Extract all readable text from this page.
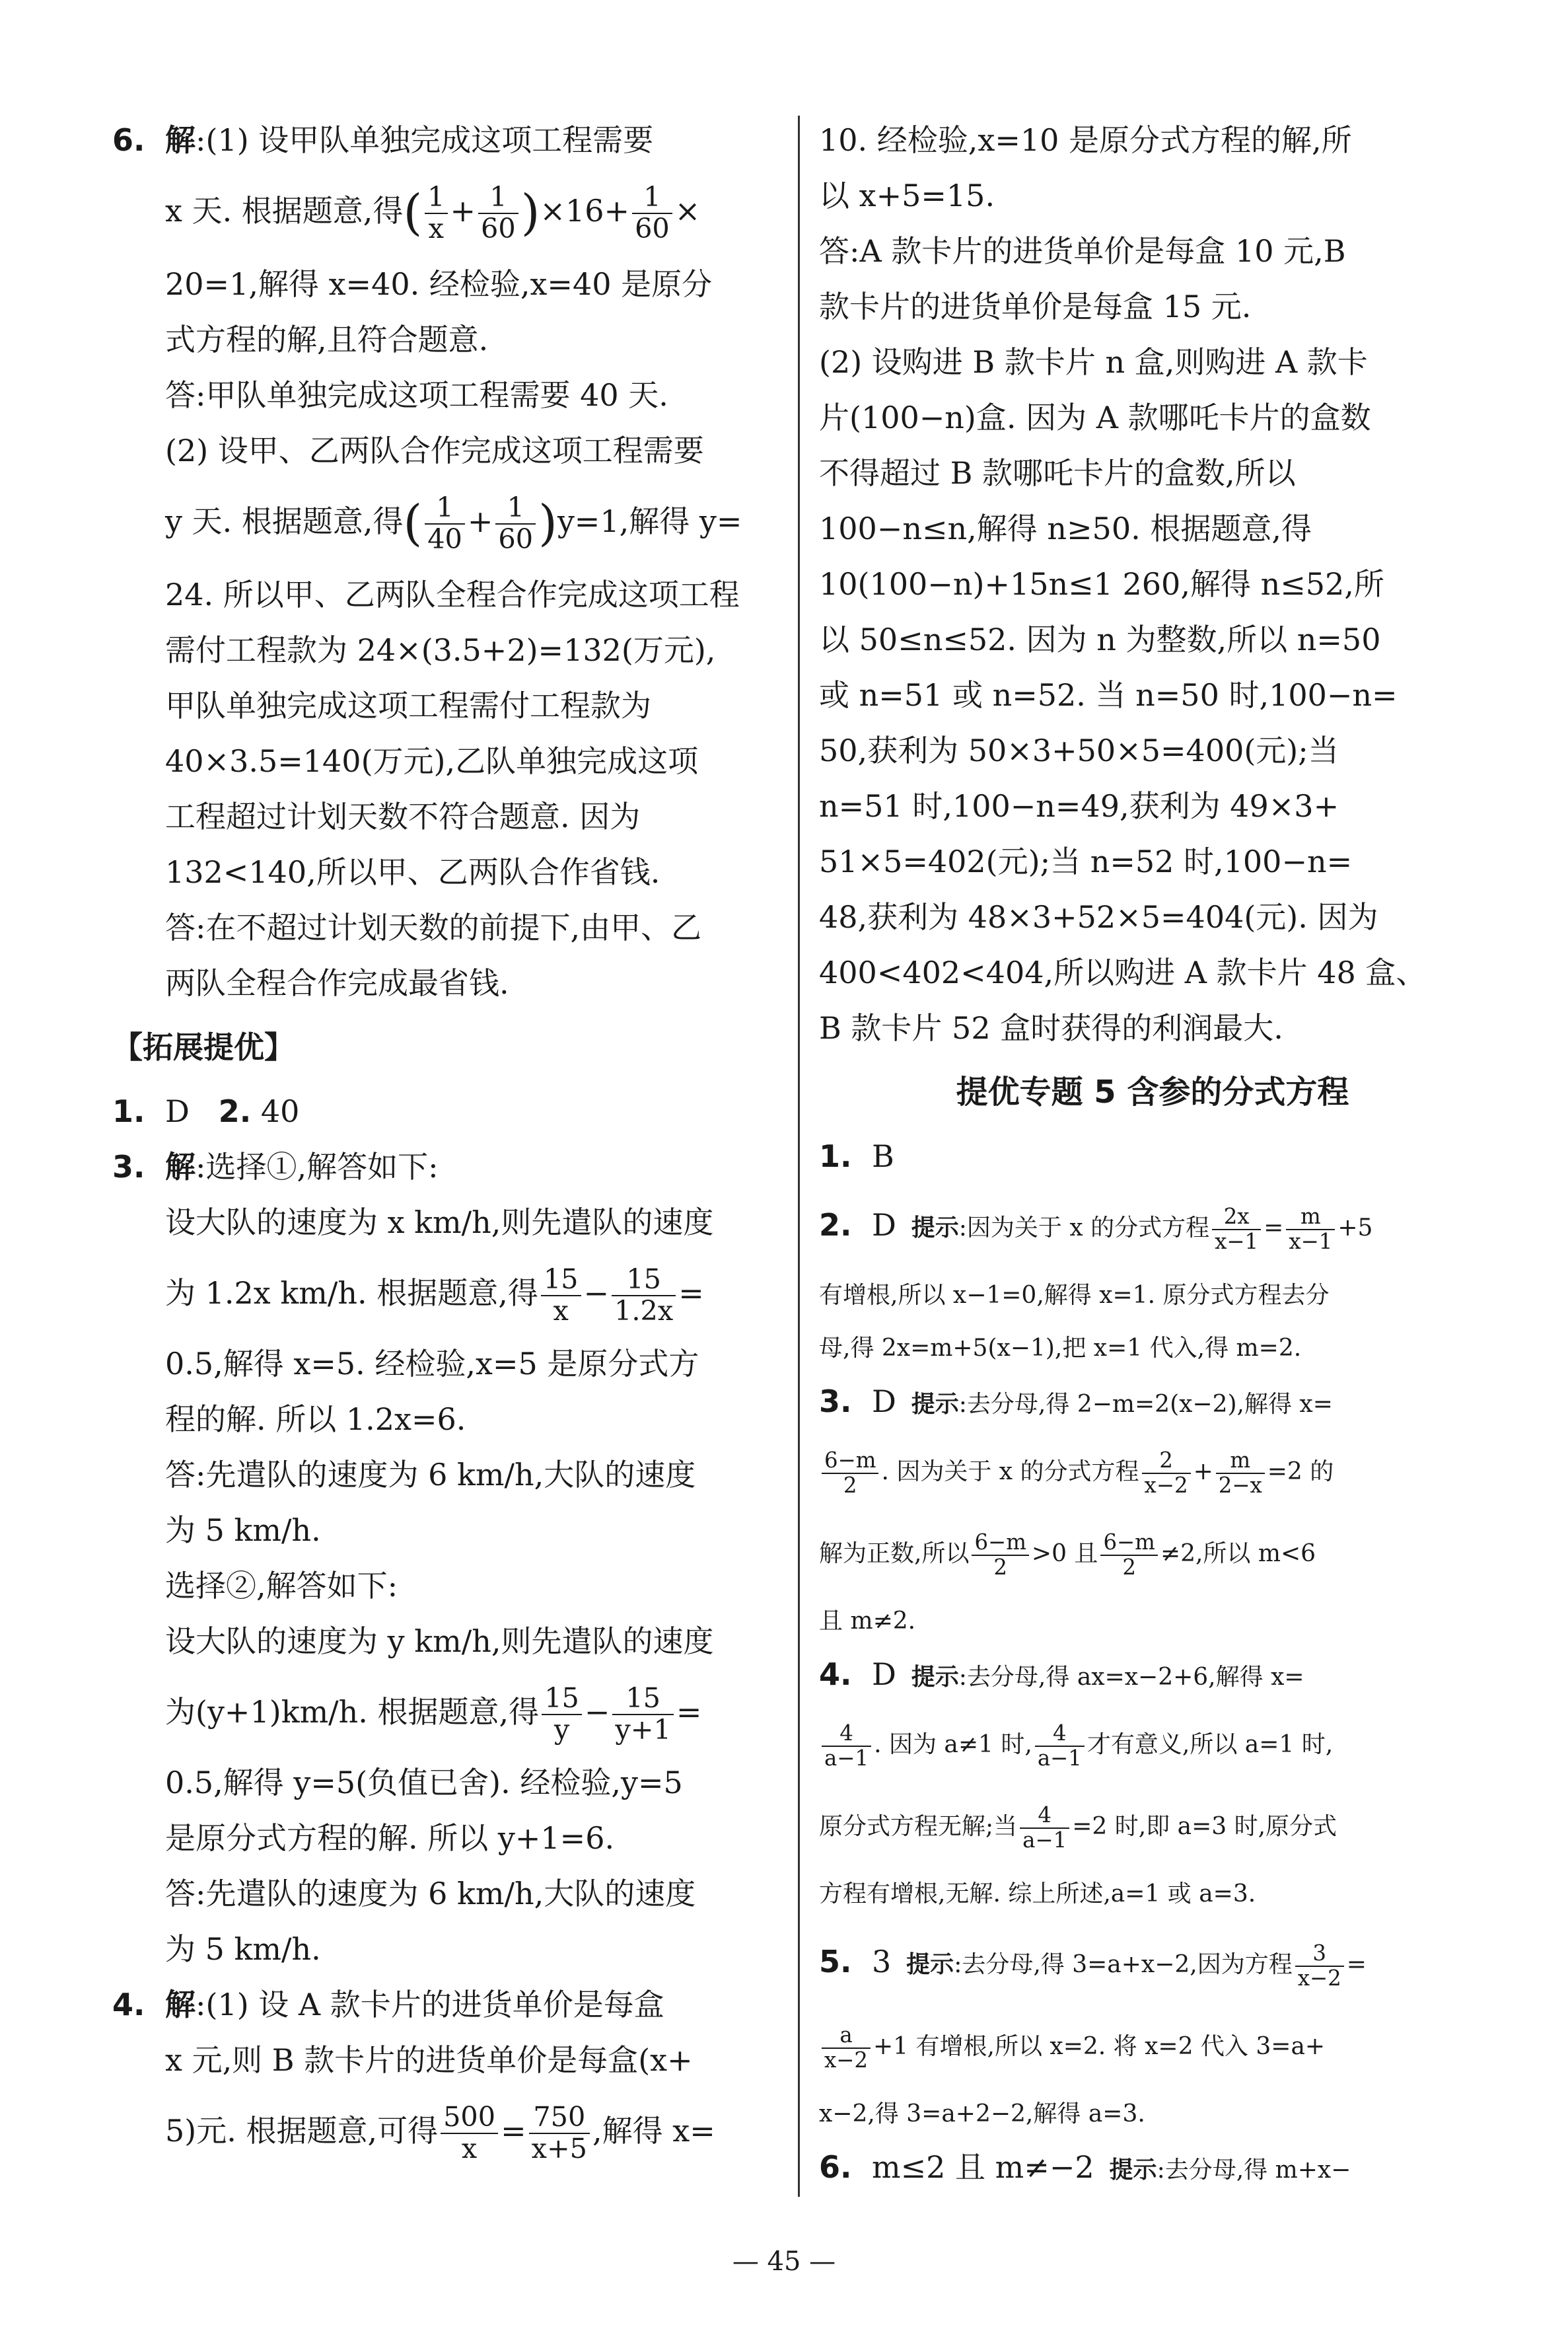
6. 解:(1) 设甲队单独完成这项工程需要
x 天. 根据题意,得( $\frac{1}{x} + \frac{1}{60} )\times 16+ \frac{1}{60}$ ×
20=1,解得 x=40. 经检验,x=40 是原分
式方程的解,且符合题意.
答:甲队单独完成这项工程需要 40 天.
(2) 设甲、乙两队合作完成这项工程需要
y 天. 根据题意,得( $\frac{1}{40} + \frac{1}{60} )y=1$,解得 y=
24. 所以甲、乙两队全程合作完成这项工程
需付工程款为 24×(3.5+2)=132(万元),
甲队单独完成这项工程需付工程款为
40×3.5=140(万元),乙队单独完成这项
工程超过计划天数不符合题意. 因为
132<140,所以甲、乙两队合作省钱.
答:在不超过计划天数的前提下,由甲、乙
两队全程合作完成最省钱.
【拓展提优】
1. D 2. 40
3. 解:选择①,解答如下:
设大队的速度为 x km/h,则先遣队的速度
为 1.2x km/h. 根据题意,得 $\frac{15}{x} - \frac{15}{1.2x}$ =
0.5,解得 x=5. 经检验,x=5 是原分式方
程的解. 所以 1.2x=6.
答:先遣队的速度为 6 km/h,大队的速度
为 5 km/h.
选择②,解答如下:
设大队的速度为 y km/h,则先遣队的速度
为(y+1)km/h. 根据题意,得 $\frac{15}{y} - \frac{15}{y+1}$ =
0.5,解得 y=5(负值已舍). 经检验,y=5
是原分式方程的解. 所以 y+1=6.
答:先遣队的速度为 6 km/h,大队的速度
为 5 km/h.
4. 解:(1) 设 A 款卡片的进货单价是每盒
x 元,则 B 款卡片的进货单价是每盒(x+
5)元. 根据题意,可得 $\frac{500}{x} = \frac{750}{x+5}$ ,解得 x=
10. 经检验,x=10 是原分式方程的解,所
以 x+5=15.
答:A 款卡片的进货单价是每盒 10 元,B
款卡片的进货单价是每盒 15 元.
(2) 设购进 B 款卡片 n 盒,则购进 A 款卡
片(100−n)盒. 因为 A 款哪吒卡片的盒数
不得超过 B 款哪吒卡片的盒数,所以
100−n≤n,解得 n≥50. 根据题意,得
10(100−n)+15n≤1 260,解得 n≤52,所
以 50≤n≤52. 因为 n 为整数,所以 n=50
或 n=51 或 n=52. 当 n=50 时,100−n=
50,获利为 50×3+50×5=400(元);当
n=51 时,100−n=49,获利为 49×3+
51×5=402(元);当 n=52 时,100−n=
48,获利为 48×3+52×5=404(元). 因为
400<402<404,所以购进 A 款卡片 48 盒、
B 款卡片 52 盒时获得的利润最大.
提优专题 5 含参的分式方程
1. B
2. D 提示:因为关于 x 的分式方程 $\frac{2x}{x-1} = \frac{m}{x-1} +5$
有增根,所以 x−1=0,解得 x=1. 原分式方程去分
母,得 2x=m+5(x−1),把 x=1 代入,得 m=2.
3. D 提示:去分母,得 2−m=2(x−2),解得 x=
$\frac{6-m}{2}$ . 因为关于 x 的分式方程 $\frac{2}{x-2} + \frac{m}{2-x} =2$ 的
解为正数,所以 $\frac{6-m}{2} >0$ 且 $\frac{6-m}{2} \ne 2$,所以 m<6
且 m≠2.
4. D 提示:去分母,得 ax=x−2+6,解得 x=
$\frac{4}{a-1}$ . 因为 a≠1 时, $\frac{4}{a-1}$ 才有意义,所以 a=1 时,
原分式方程无解;当 $\frac{4}{a-1} =2$ 时,即 a=3 时,原分式
方程有增根,无解. 综上所述,a=1 或 a=3.
5. 3 提示:去分母,得 3=a+x−2,因为方程 $\frac{3}{x-2}$ =
$\frac{a}{x-2} +1$ 有增根,所以 x=2. 将 x=2 代入 3=a+
x−2,得 3=a+2−2,解得 a=3.
6. m≤2 且 m≠−2 提示:去分母,得 m+x−
— 45 —
